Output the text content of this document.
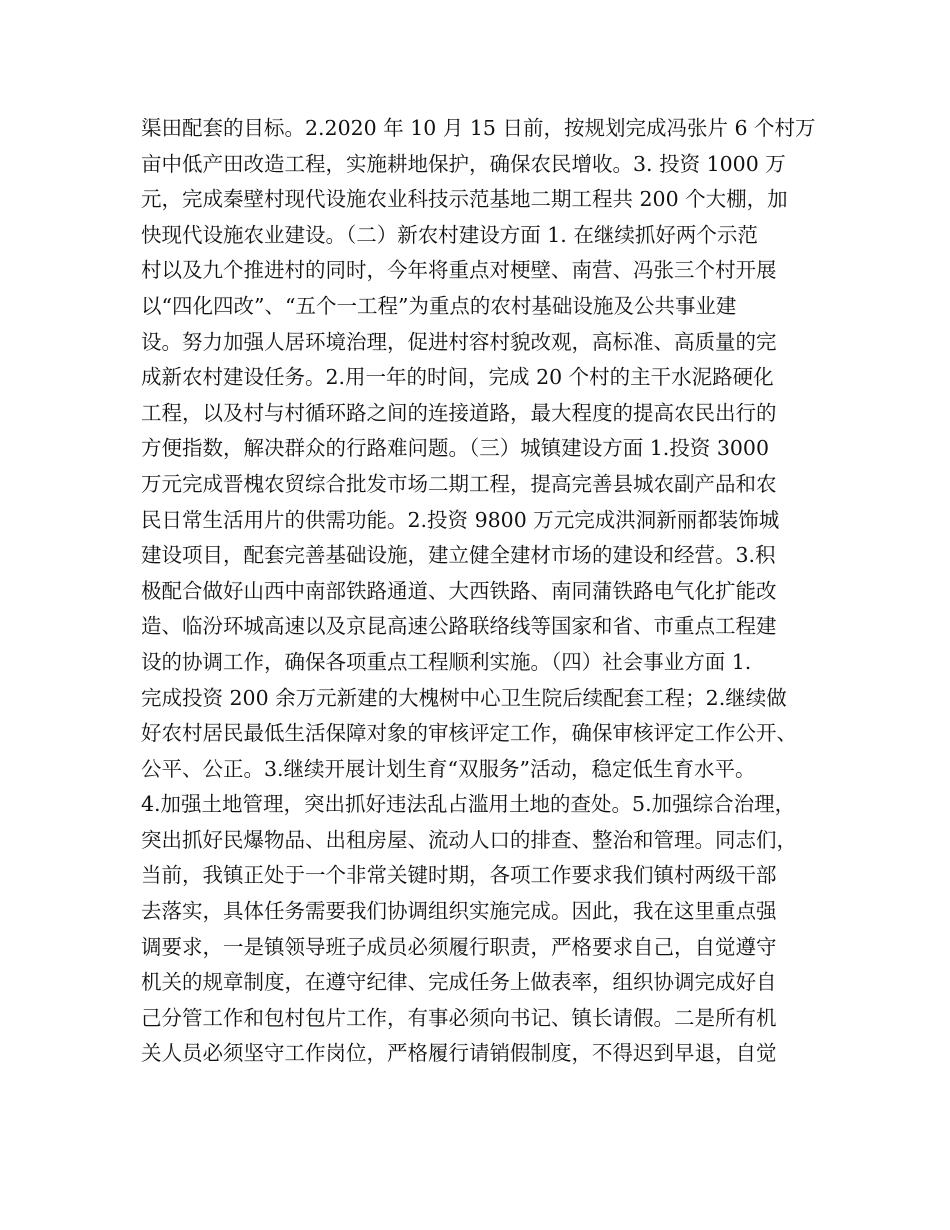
渠田配套的目标。2.2020 年 10 月 15 日前，按规划完成冯张片 6 个村万
亩中低产田改造工程，实施耕地保护，确保农民增收。3. 投资 1000 万
元，完成秦壁村现代设施农业科技示范基地二期工程共 200 个大棚，加
快现代设施农业建设。（二）新农村建设方面 1. 在继续抓好两个示范
村以及九个推进村的同时，今年将重点对梗壁、南营、冯张三个村开展
以“四化四改”、“五个一工程”为重点的农村基础设施及公共事业建
设。努力加强人居环境治理，促进村容村貌改观，高标准、高质量的完
成新农村建设任务。2.用一年的时间，完成 20 个村的主干水泥路硬化
工程，以及村与村循环路之间的连接道路，最大程度的提高农民出行的
方便指数，解决群众的行路难问题。（三）城镇建设方面 1.投资 3000
万元完成晋槐农贸综合批发市场二期工程，提高完善县城农副产品和农
民日常生活用片的供需功能。2.投资 9800 万元完成洪洞新丽都装饰城
建设项目，配套完善基础设施，建立健全建材市场的建设和经营。3.积
极配合做好山西中南部铁路通道、大西铁路、南同蒲铁路电气化扩能改
造、临汾环城高速以及京昆高速公路联络线等国家和省、市重点工程建
设的协调工作，确保各项重点工程顺利实施。（四）社会事业方面 1.
完成投资 200 余万元新建的大槐树中心卫生院后续配套工程；2.继续做
好农村居民最低生活保障对象的审核评定工作，确保审核评定工作公开、
公平、公正。3.继续开展计划生育“双服务”活动，稳定低生育水平。
4.加强土地管理，突出抓好违法乱占滥用土地的查处。5.加强综合治理，
突出抓好民爆物品、出租房屋、流动人口的排查、整治和管理。同志们，
当前，我镇正处于一个非常关键时期，各项工作要求我们镇村两级干部
去落实，具体任务需要我们协调组织实施完成。因此，我在这里重点强
调要求，一是镇领导班子成员必须履行职责，严格要求自己，自觉遵守
机关的规章制度，在遵守纪律、完成任务上做表率，组织协调完成好自
己分管工作和包村包片工作，有事必须向书记、镇长请假。二是所有机
关人员必须坚守工作岗位，严格履行请销假制度，不得迟到早退，自觉
